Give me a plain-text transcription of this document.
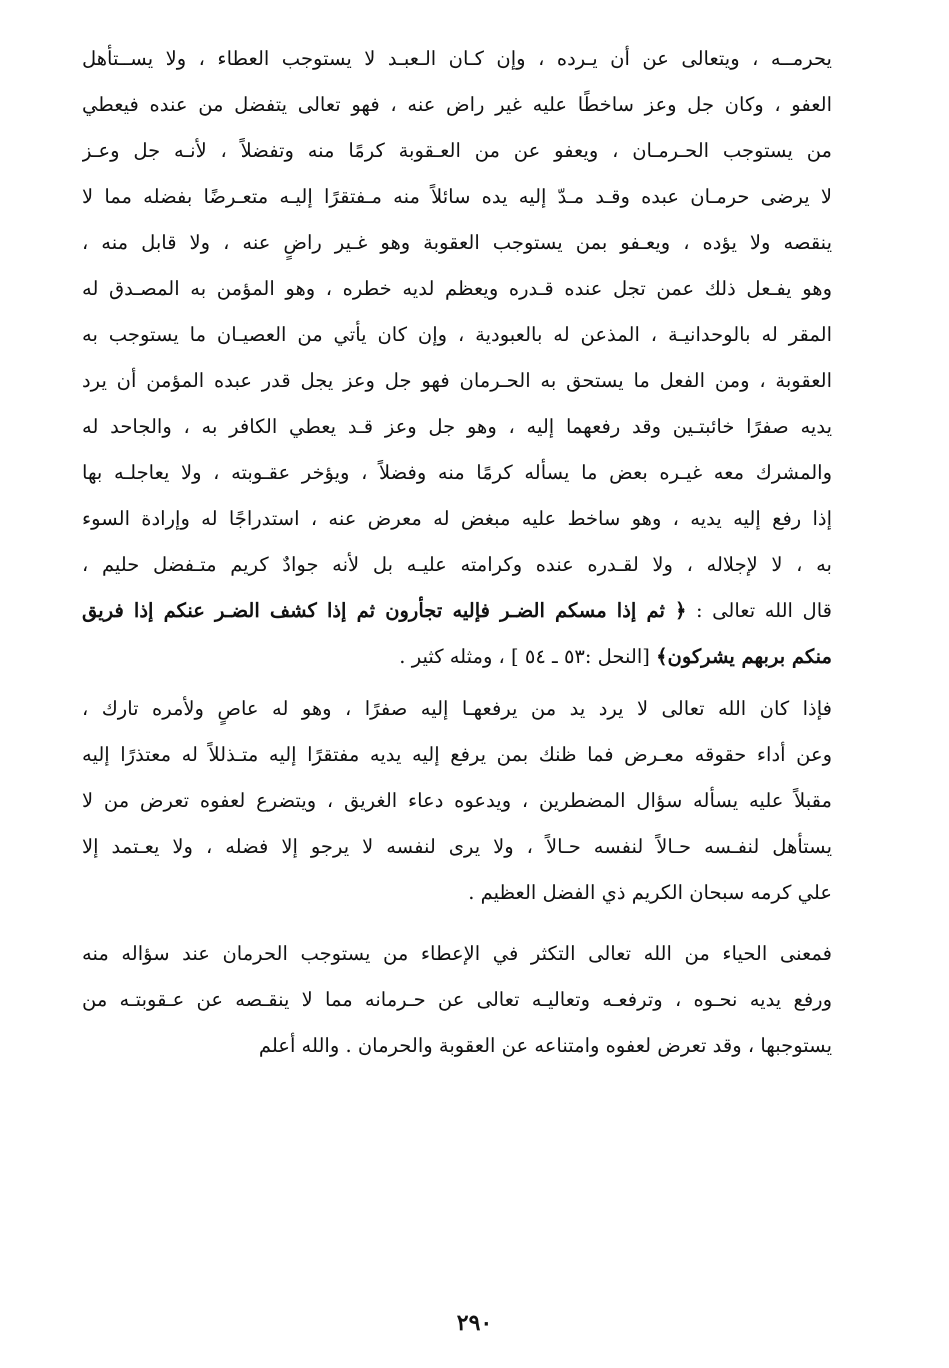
يحرمــه ، ويتعالى عن أن يـرده ، وإن كـان الـعبـد لا يستوجب العطاء ، ولا يســتأهل
العفو ، وكان جل وعز ساخطًا عليه غير راض عنه ، فهو تعالى يتفضل من عنده فيعطي
من يستوجب الحـرمـان ، ويعفو عن من العـقوبة كرمًا منه وتفضلاً ، لأنـه جل وعـز
لا يرضى حرمـان عبده وقـد مـدّ إليه يده سائلاً منه مـفتقرًا إليـه متعـرضًا بفضله مما لا
ينقصه ولا يؤده ، ويعـفو بمن يستوجب العقوبة وهو غـير راضٍ عنه ، ولا قابل منه ،
وهو يفـعل ذلك عمن تجل عنده قـدره ويعظم لديه خطره ، وهو المؤمن به المصـدق له
المقر له بالوحدانيـة ، المذعن له بالعبودية ، وإن كان يأتي من العصيـان ما يستوجب به
العقوبة ، ومن الفعل ما يستحق به الحـرمان فهو جل وعز يجل قدر عبده المؤمن أن يرد
يديه صفرًا خائبتـين وقد رفعهما إليه ، وهو جل وعز قـد يعطي الكافر به ، والجاحد له
والمشرك معه غيـره بعض ما يسأله كرمًا منه وفضلاً ، ويؤخر عقـوبته ، ولا يعاجلـه بها
إذا رفع إليه يديه ، وهو ساخط عليه مبغض له معرض عنه ، استدراجًا له وإرادة السوء
به ، لا لإجلاله ، ولا لقـدره عنده وكرامته عليـه بل لأنه جوادٌ كريم متـفضل حليم ،
قال الله تعالى : ﴿ ثم إذا مسكم الضـر فإليه تجأرون ثم إذا كشف الضـر عنكم إذا فريق
منكم بربهم يشركون﴾ [النحل :٥٣ ـ ٥٤ ] ، ومثله كثير .
فإذا كان الله تعالى لا يرد يد من يرفعهـا إليه صفرًا ، وهو له عاصٍ ولأمره تارك ،
وعن أداء حقوقه معـرض فما ظنك بمن يرفع إليه يديه مفتقرًا إليه متـذللاً له معتذرًا إليه
مقبلاً عليه يسأله سؤال المضطرين ، ويدعوه دعاء الغريق ، ويتضرع لعفوه تعرض من لا
يستأهل لنفـسه حـالاً لنفسه حـالاً ، ولا يرى لنفسه لا يرجو إلا فضله ، ولا يعـتمد إلا
علي كرمه سبحان الكريم ذي الفضل العظيم .
فمعنى الحياء من الله تعالى التكثر في الإعطاء من يستوجب الحرمان عند سؤاله منه
ورفع يديه نحـوه ، وترفعـه وتعاليـه تعالى عن حـرمانه مما لا ينقـصه عن عـقوبتـه من
يستوجبها ، وقد تعرض لعفوه وامتناعه عن العقوبة والحرمان . والله أعلم
٢٩٠
